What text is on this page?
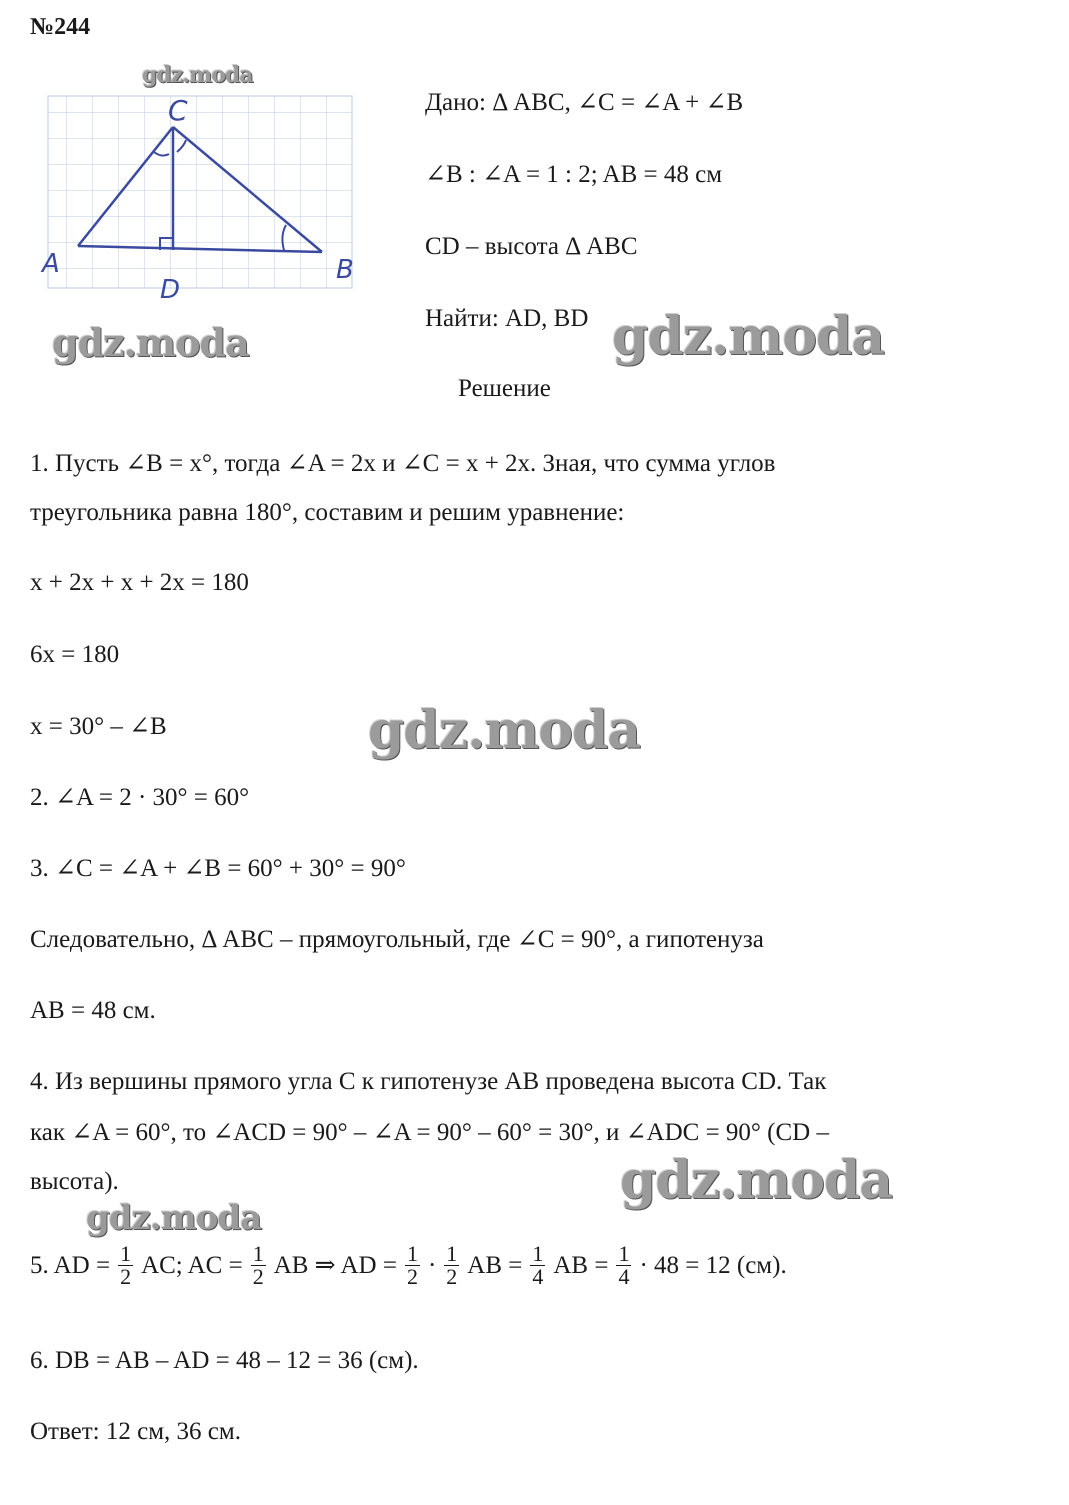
№244
C
A	B
D
gdz.moda
Дано: Δ ABC, ∠C = ∠A + ∠B
∠B : ∠A = 1 : 2; AB = 48 см
CD – высота Δ ABC
Найти: AD, BD
Решение
1. Пусть ∠B = x°, тогда ∠A = 2x и ∠C = x + 2x. Зная, что сумма углов
треугольника равна 180°, составим и решим уравнение:
x + 2x + x + 2x = 180
6x = 180
x = 30° – ∠B
2. ∠A = 2 · 30° = 60°
3. ∠C = ∠A + ∠B = 60° + 30° = 90°
Следовательно, Δ ABC – прямоугольный, где ∠C = 90°, а гипотенуза
AB = 48 см.
4. Из вершины прямого угла C к гипотенузе AB проведена высота CD. Так
как ∠A = 60°, то ∠ACD = 90° – ∠A = 90° – 60° = 30°, и ∠ADC = 90° (CD –
высота).
5. AD = $\frac{1}{2}$ AC; AC = $\frac{1}{2}$ AB ⇒ AD = $\frac{1}{2} \cdot \frac{1}{2}$ AB = $\frac{1}{4}$ AB = $\frac{1}{4} \cdot 48 = 12$ (см).
6. DB = AB – AD = 48 – 12 = 36 (см).
Ответ: 12 см, 36 см.
gdz.moda	gdz.moda
gdz.moda
gdz.moda
gdz.moda
